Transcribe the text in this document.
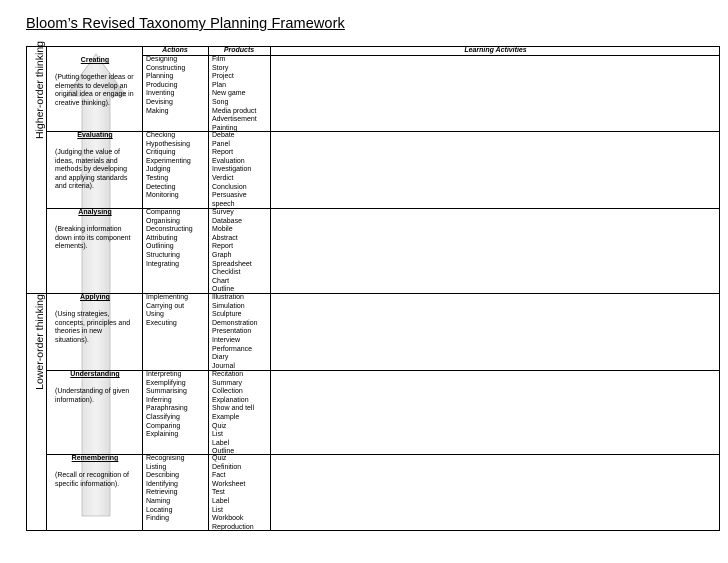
Bloom’s Revised Taxonomy Planning Framework
Higher-order thinking
Lower-order thinking
Actions	Products	Learning Activities
Creating
(Putting together ideas or elements to develop an original idea or engage in creative thinking).
Designing
Constructing
Planning
Producing
Inventing
Devising
Making
Film
Story
Project
Plan
New game
Song
Media product
Advertisement
Painting
Evaluating
(Judging the value of ideas, materials and methods by developing and applying standards and criteria).
Checking
Hypothesising
Critiquing
Experimenting
Judging
Testing
Detecting
Monitoring
Debate
Panel
Report
Evaluation
Investigation
Verdict
Conclusion
Persuasive
speech
Analysing
(Breaking information down into its component elements).
Comparing
Organising
Deconstructing
Attributing
Outlining
Structuring
Integrating
Survey
Database
Mobile
Abstract
Report
Graph
Spreadsheet
Checklist
Chart
Outline
Applying
(Using strategies, concepts, principles and theories in new situations).
Implementing
Carrying out
Using
Executing
Illustration
Simulation
Sculpture
Demonstration
Presentation
Interview
Performance
Diary
Journal
Understanding
(Understanding of given information).
Interpreting
Exemplifying
Summarising
Inferring
Paraphrasing
Classifying
Comparing
Explaining
Recitation
Summary
Collection
Explanation
Show and tell
Example
Quiz
List
Label
Outline
Remembering
(Recall or recognition of specific information).
Recognising
Listing
Describing
Identifying
Retrieving
Naming
Locating
Finding
Quiz
Definition
Fact
Worksheet
Test
Label
List
Workbook
Reproduction
